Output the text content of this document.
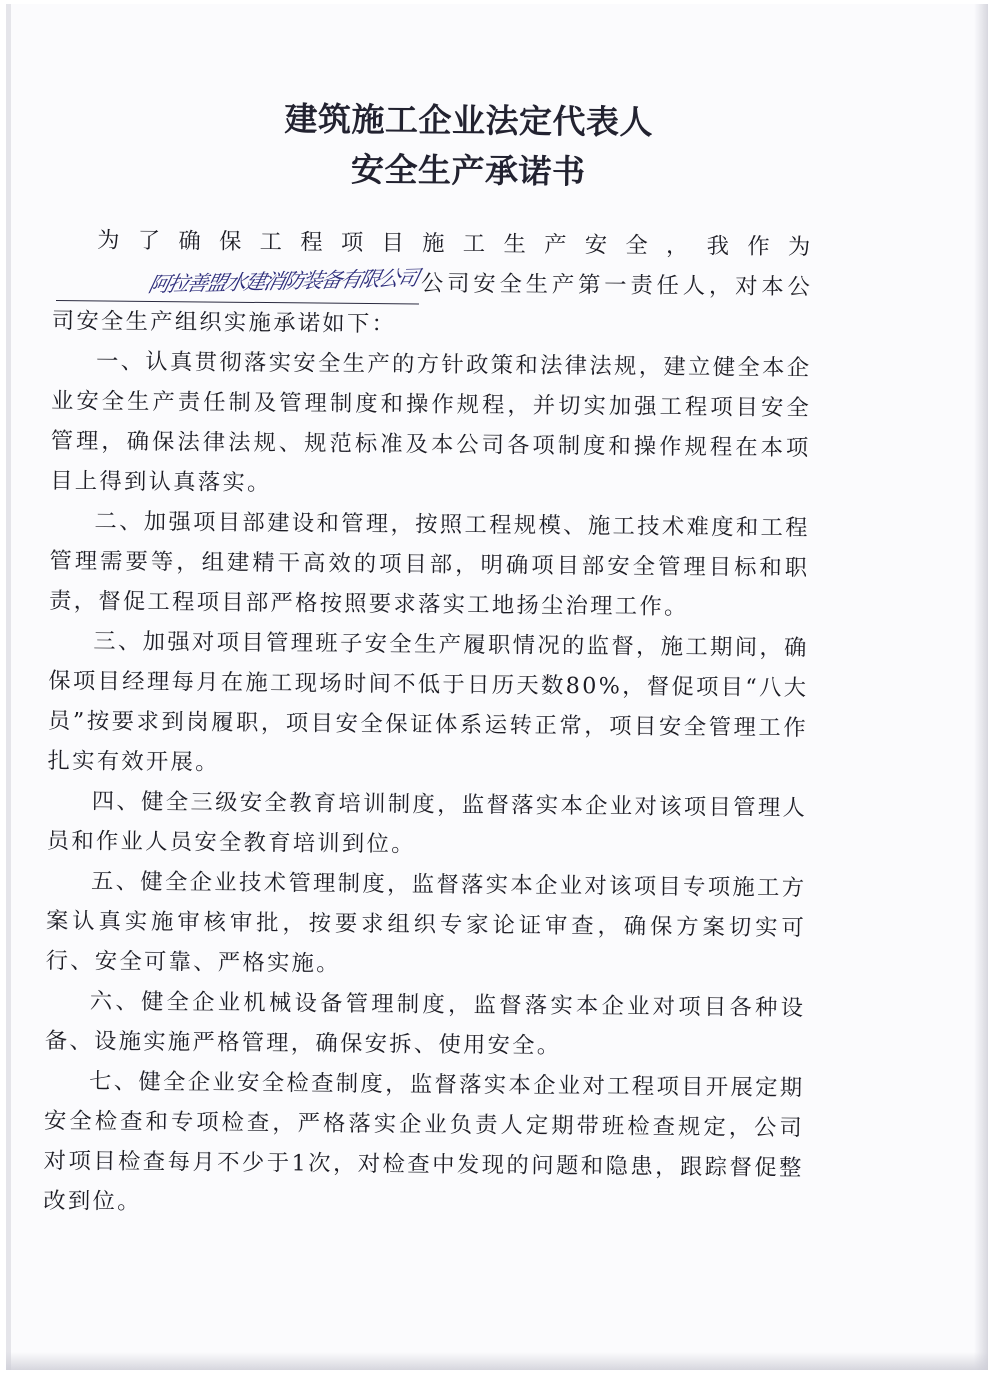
建筑施工企业法定代表人
安全生产承诺书

为了确保工程项目施工生产安全，我作为阿拉善盟水建消防装备有限公司公司安全生产第一责任人，对本公司安全生产组织实施承诺如下：

一、认真贯彻落实安全生产的方针政策和法律法规，建立健全本企业安全生产责任制及管理制度和操作规程，并切实加强工程项目安全管理，确保法律法规、规范标准及本公司各项制度和操作规程在本项目上得到认真落实。

二、加强项目部建设和管理，按照工程规模、施工技术难度和工程管理需要等，组建精干高效的项目部，明确项目部安全管理目标和职责，督促工程项目部严格按照要求落实工地扬尘治理工作。

三、加强对项目管理班子安全生产履职情况的监督，施工期间，确保项目经理每月在施工现场时间不低于日历天数80%，督促项目“八大员”按要求到岗履职，项目安全保证体系运转正常，项目安全管理工作扎实有效开展。

四、健全三级安全教育培训制度，监督落实本企业对该项目管理人员和作业人员安全教育培训到位。

五、健全企业技术管理制度，监督落实本企业对该项目专项施工方案认真实施审核审批，按要求组织专家论证审查，确保方案切实可行、安全可靠、严格实施。

六、健全企业机械设备管理制度，监督落实本企业对项目各种设备、设施实施严格管理，确保安拆、使用安全。

七、健全企业安全检查制度，监督落实本企业对工程项目开展定期安全检查和专项检查，严格落实企业负责人定期带班检查规定，公司对项目检查每月不少于1次，对检查中发现的问题和隐患，跟踪督促整改到位。
